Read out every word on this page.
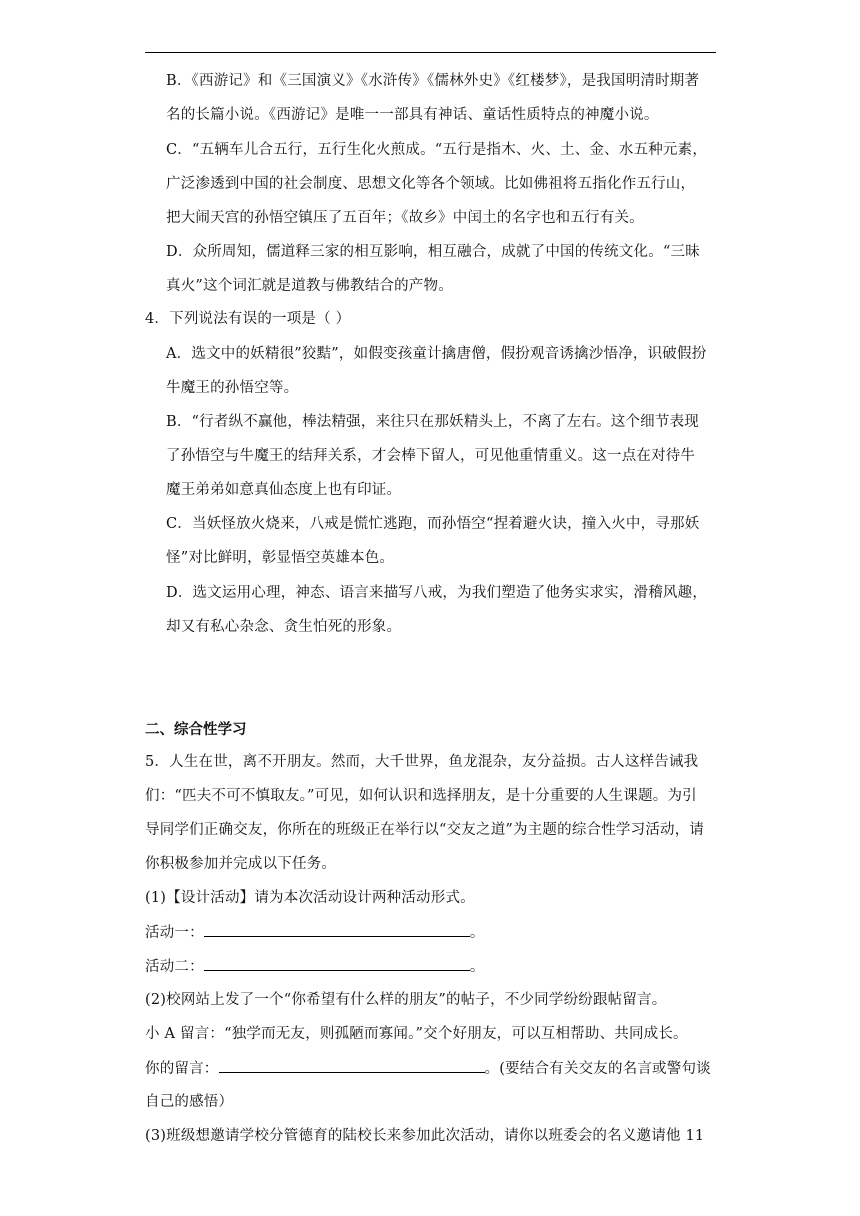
B．《西游记》和《三国演义》《水浒传》《儒林外史》《红楼梦》，是我国明清时期著
名的长篇小说。《西游记》是唯一一部具有神话、童话性质特点的神魔小说。
C．“五辆车儿合五行，五行生化火煎成。“五行是指木、火、土、金、水五种元素，
广泛渗透到中国的社会制度、思想文化等各个领域。比如佛祖将五指化作五行山，
把大闹天宫的孙悟空镇压了五百年；《故乡》中闰土的名字也和五行有关。
D．众所周知，儒道释三家的相互影响，相互融合，成就了中国的传统文化。“三昧
真火”这个词汇就是道教与佛教结合的产物。
4．下列说法有误的一项是（ ）
A．选文中的妖精很”狡黠”，如假变孩童计擒唐僧，假扮观音诱擒沙悟净，识破假扮
牛魔王的孙悟空等。
B．“行者纵不赢他，棒法精强，来往只在那妖精头上，不离了左右。这个细节表现
了孙悟空与牛魔王的结拜关系，才会棒下留人，可见他重情重义。这一点在对待牛
魔王弟弟如意真仙态度上也有印证。
C．当妖怪放火烧来，八戒是慌忙逃跑，而孙悟空“捏着避火诀，撞入火中，寻那妖
怪”对比鲜明，彰显悟空英雄本色。
D．选文运用心理，神态、语言来描写八戒，为我们塑造了他务实求实，滑稽风趣，
却又有私心杂念、贪生怕死的形象。
二、综合性学习
5．人生在世，离不开朋友。然而，大千世界，鱼龙混杂，友分益损。古人这样告诫我
们：“匹夫不可不慎取友。”可见，如何认识和选择朋友，是十分重要的人生课题。为引
导同学们正确交友，你所在的班级正在举行以“交友之道”为主题的综合性学习活动，请
你积极参加并完成以下任务。
(1)【设计活动】请为本次活动设计两种活动形式。
活动一：	。
活动二：	。
(2)校网站上发了一个“你希望有什么样的朋友”的帖子，不少同学纷纷跟帖留言。
小 A 留言：“独学而无友，则孤陋而寡闻。”交个好朋友，可以互相帮助、共同成长。
你的留言：	。(要结合有关交友的名言或警句谈
自己的感悟）
(3)班级想邀请学校分管德育的陆校长来参加此次活动，请你以班委会的名义邀请他 11
